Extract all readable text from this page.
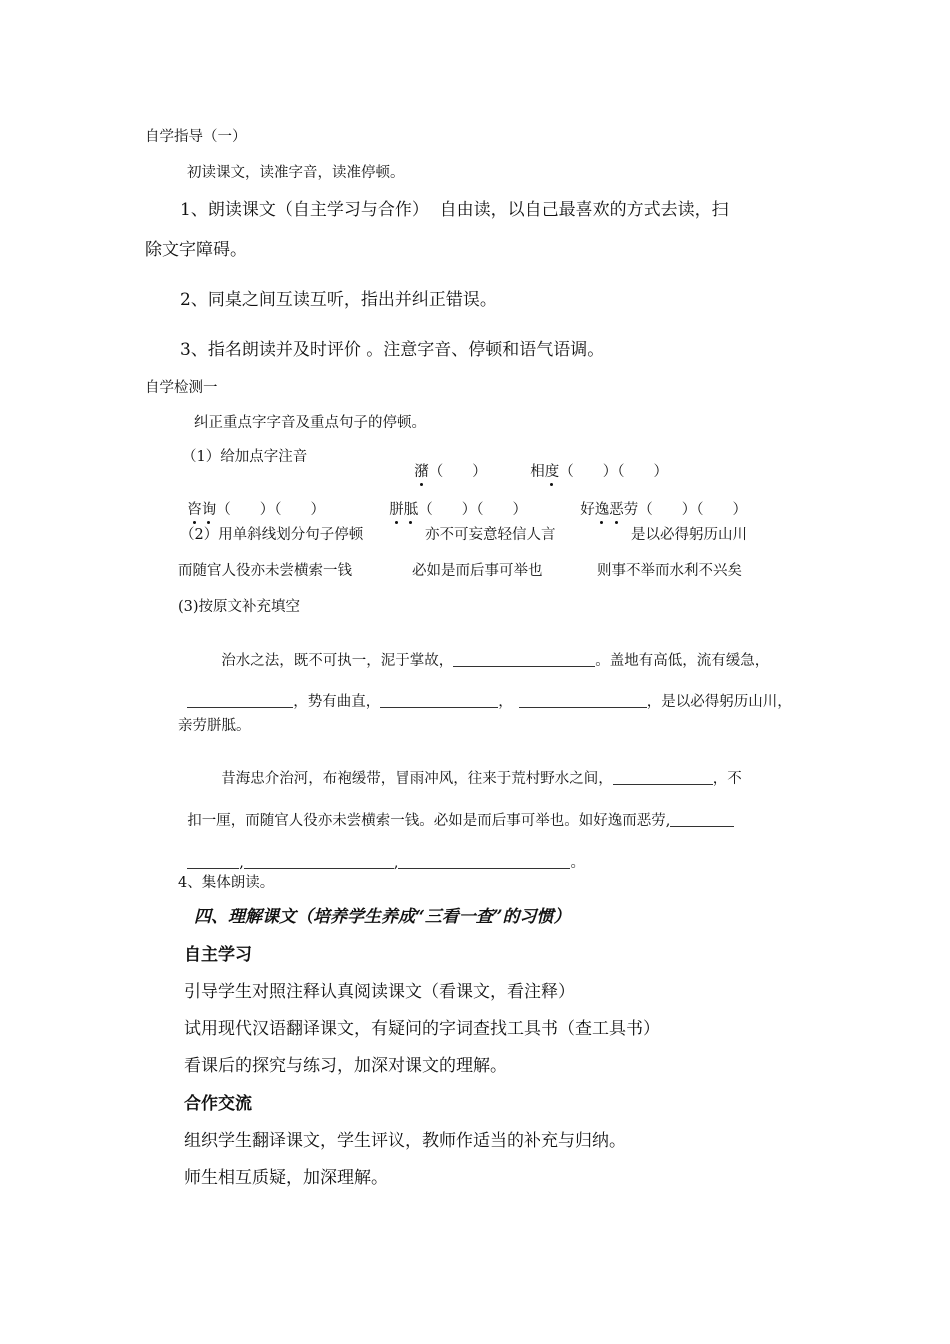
自学指导（一）
初读课文，读准字音，读准停顿。
1、朗读课文（自主学习与合作）  自由读，以自己最喜欢的方式去读，扫
除文字障碍。
2、同桌之间互读互听，指出并纠正错误。
3、指名朗读并及时评价 。注意字音、停顿和语气语调。
自学检测一
纠正重点字字音及重点句子的停顿。
（1）给加点字注音

潴（　　）	相度（　　）（　　）

咨询（　　）（　　）	胼胝（　　）（　　）	好逸恶劳（　　）（　　）

（2）用单斜线划分句子停顿	亦不可妄意轻信人言	是以必得躬历山川
而随官人役亦未尝横索一钱	必如是而后事可举也	则事不举而水利不兴矣
(3)按原文补充填空

治水之法，既不可执一，泥于掌故，	。盖地有高低，流有缓急，

，势有曲直，	，	，是以必得躬历山川，

亲劳胼胝。

昔海忠介治河，布袍缓带，冒雨冲风，往来于荒村野水之间，	，不

扣一厘，而随官人役亦未尝横索一钱。必如是而后事可举也。如好逸而恶劳,

,	,	。

4、集体朗读。
四、理解课文（培养学生养成“三看一查”的习惯）
自主学习
引导学生对照注释认真阅读课文（看课文，看注释）
试用现代汉语翻译课文，有疑问的字词查找工具书（查工具书）
看课后的探究与练习，加深对课文的理解。
合作交流
组织学生翻译课文，学生评议，教师作适当的补充与归纳。
师生相互质疑，加深理解。
